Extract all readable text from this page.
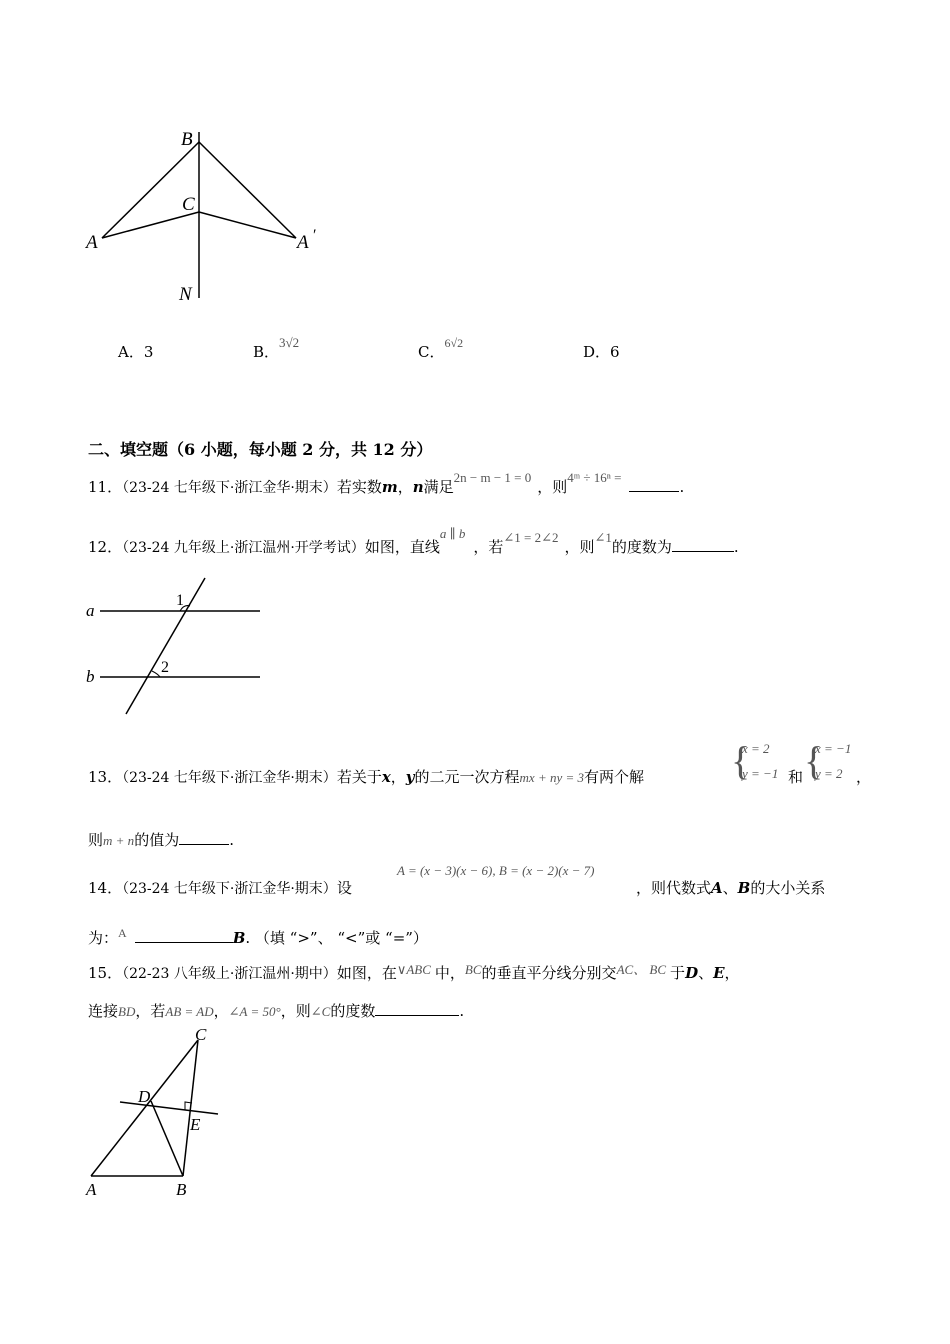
B
C
A	A ′
N
A．3	B．3√2
C．$^{6√2}$	D．6
二、填空题（6 小题，每小题 2 分，共 12 分）
11．（23-24 七年级下·浙江金华·期末）若实数m，n满足2n − m − 1 = 0，则4ᵐ ÷ 16ⁿ =.
12．（23-24 九年级上·浙江温州·开学考试）如图，直线a ∥ b，若∠1 = 2∠2，则∠1的度数为	.
a
b
1
2
13．（23-24 七年级下·浙江金华·期末）若关于x，y的二元一次方程mx + ny = 3有两个解 {
x = 2
y = −1 和 {
x = −1
y = 2 ，
则m + n的值为	.
14．（23-24 七年级下·浙江金华·期末）设
A = (x − 3)(x − 6), B = (x − 2)(x − 7)
，则代数式A、B的大小关系
为：$^A$	B. （填 “>”、 “<”或 “=”）
15．（22-23 八年级上·浙江温州·期中）如图，在∨ABC 中，BC的垂直平分线分别交AC、 BC 于D、E，
连接BD，若AB = AD，∠A = 50°，则∠C的度数	.
C
D
E
A	B
